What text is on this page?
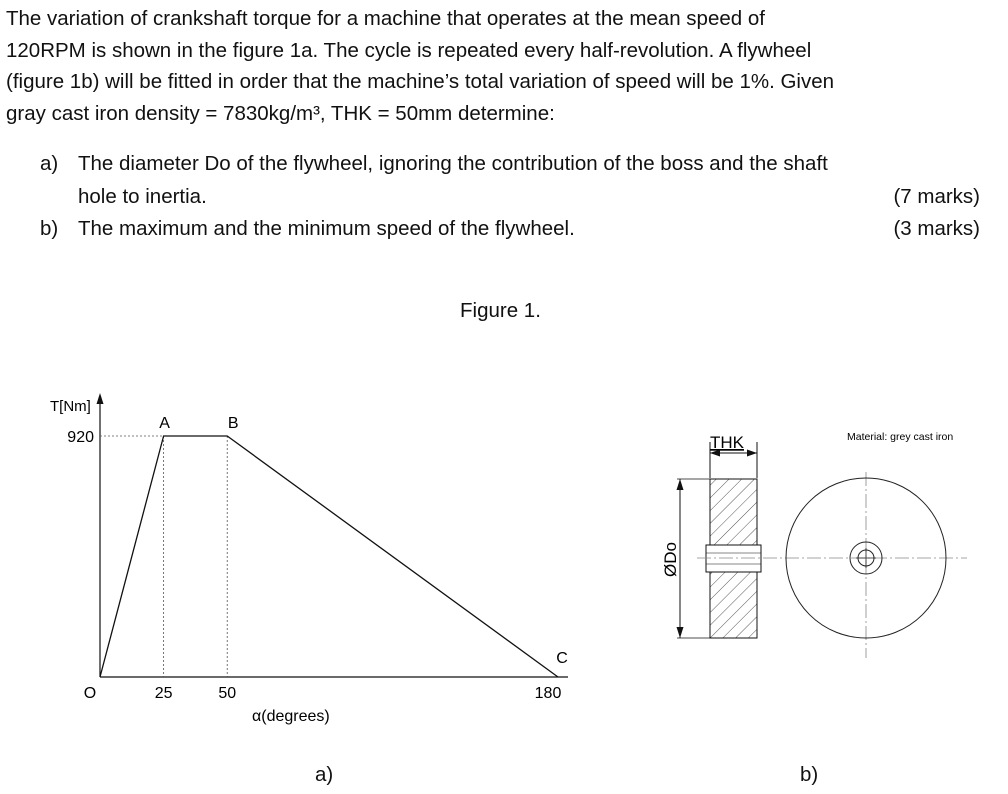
The variation of crankshaft torque for a machine that operates at the mean speed of
120RPM is shown in the figure 1a. The cycle is repeated every half-revolution. A flywheel
(figure 1b) will be fitted in order that the machine’s total variation of speed will be 1%. Given
gray cast iron density = 7830kg/m³, THK = 50mm determine:
a) The diameter Do of the flywheel, ignoring the contribution of the boss and the shaft
hole to inertia.	(7 marks)
b) The maximum and the minimum speed of the flywheel.	(3 marks)
Figure 1.
A	B
C
O	25	50	180
920
T[Nm]
α(degrees)
THK
ØDo
Material: grey cast iron
a)	b)
